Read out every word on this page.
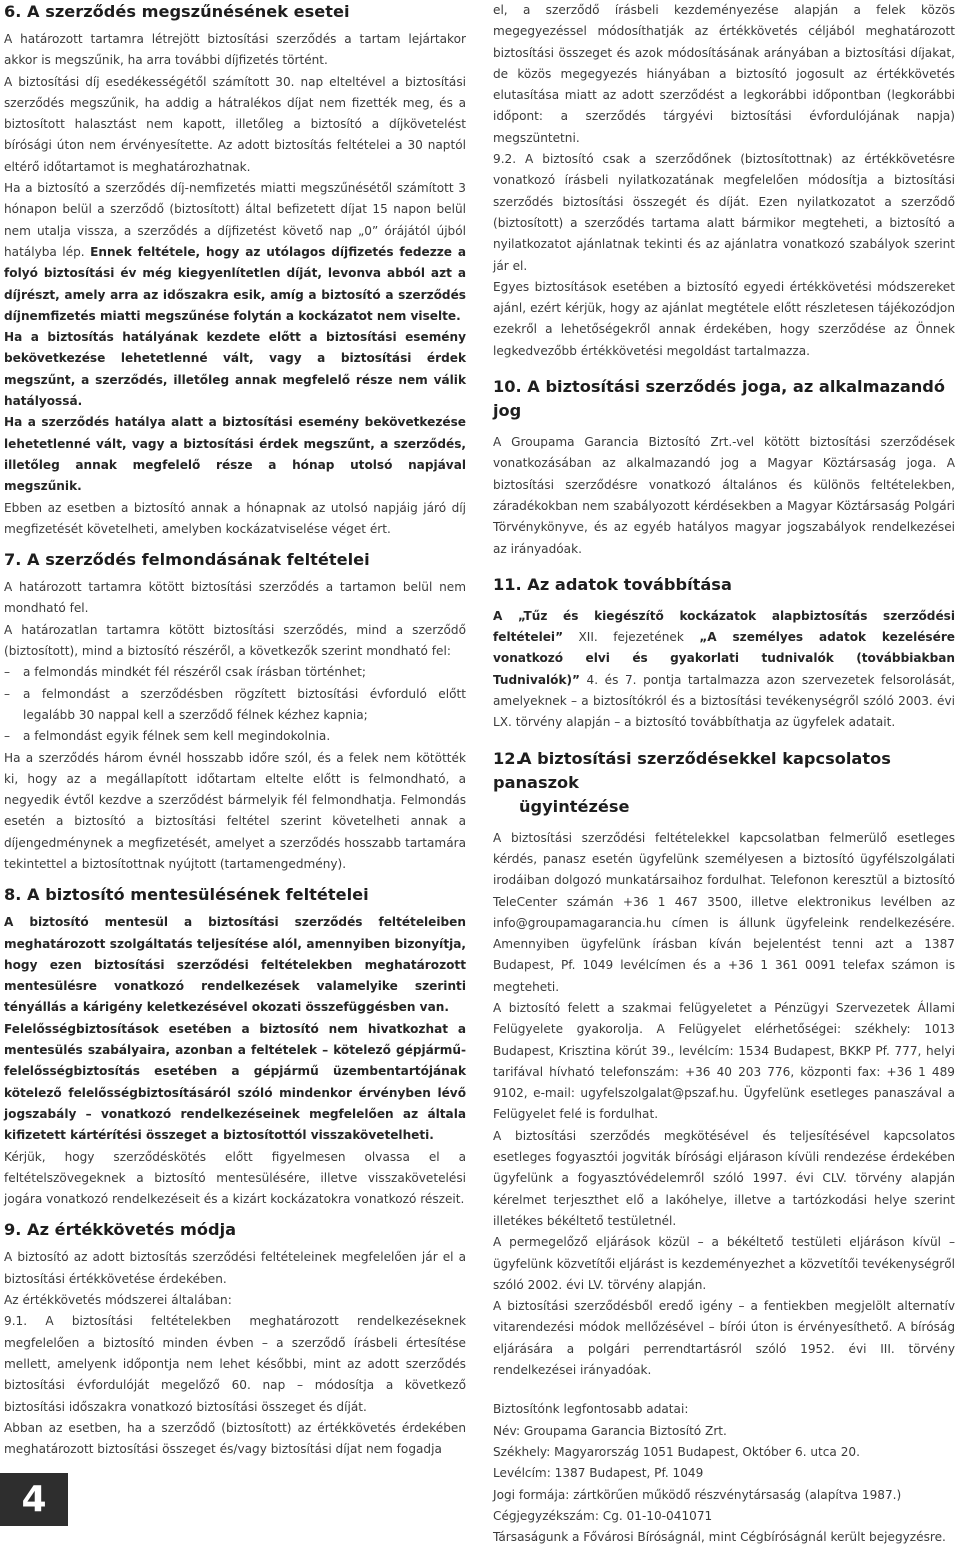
6. A szerződés megszűnésének esetei

A határozott tartamra létrejött biztosítási szerződés a tartam lejártakor akkor is megszűnik, ha arra további díjfizetés történt.

A biztosítási díj esedékességétől számított 30. nap elteltével a biztosítási szerződés megszűnik, ha addig a hátralékos díjat nem fizették meg, és a biztosított halasztást nem kapott, illetőleg a biztosító a díjkövetelést bírósági úton nem érvényesítette. Az adott biztosítás feltételei a 30 naptól eltérő időtartamot is meghatározhatnak.

Ha a biztosító a szerződés díj-nemfizetés miatti megszűnésétől számított 3 hónapon belül a szerződő (biztosított) által befizetett díjat 15 napon belül nem utalja vissza, a szerződés a díjfizetést követő nap „0” órájától újból hatályba lép. Ennek feltétele, hogy az utólagos díjfizetés fedezze a folyó biztosítási év még kiegyenlítetlen díját, levonva abból azt a díjrészt, amely arra az időszakra esik, amíg a biztosító a szerződés díjnemfizetés miatti megszűnése folytán a kockázatot nem viselte.

Ha a biztosítás hatályának kezdete előtt a biztosítási esemény bekövetkezése lehetetlenné vált, vagy a biztosítási érdek megszűnt, a szerződés, illetőleg annak megfelelő része nem válik hatályossá.

Ha a szerződés hatálya alatt a biztosítási esemény bekövetkezése lehetetlenné vált, vagy a biztosítási érdek megszűnt, a szerződés, illetőleg annak megfelelő része a hónap utolsó napjával megszűnik.

Ebben az esetben a biztosító annak a hónapnak az utolsó napjáig járó díj megfizetését követelheti, amelyben kockázatviselése véget ért.

7. A szerződés felmondásának feltételei

A határozott tartamra kötött biztosítási szerződés a tartamon belül nem mondható fel.

A határozatlan tartamra kötött biztosítási szerződés, mind a szerződő (biztosított), mind a biztosító részéről, a következők szerint mondható fel:

– a felmondás mindkét fél részéről csak írásban történhet;
– a felmondást a szerződésben rögzített biztosítási évforduló előtt legalább 30 nappal kell a szerződő félnek kézhez kapnia;
– a felmondást egyik félnek sem kell megindokolnia.

Ha a szerződés három évnél hosszabb időre szól, és a felek nem kötötték ki, hogy az a megállapított időtartam eltelte előtt is felmondható, a negyedik évtől kezdve a szerződést bármelyik fél felmondhatja. Felmondás esetén a biztosító a biztosítási feltétel szerint követelheti annak a díjengedménynek a megfizetését, amelyet a szerződés hosszabb tartamára tekintettel a biztosítottnak nyújtott (tartamengedmény).

8. A biztosító mentesülésének feltételei

A biztosító mentesül a biztosítási szerződés feltételeiben meghatározott szolgáltatás teljesítése alól, amennyiben bizonyítja, hogy ezen biztosítási szerződési feltételekben meghatározott mentesülésre vonatkozó rendelkezések valamelyike szerinti tényállás a kárigény keletkezésével okozati összefüggésben van.

Felelősségbiztosítások esetében a biztosító nem hivatkozhat a mentesülés szabályaira, azonban a feltételek – kötelező gépjármű-felelősségbiztosítás esetében a gépjármű üzembentartójának kötelező felelősségbiztosításáról szóló mindenkor érvényben lévő jogszabály – vonatkozó rendelkezéseinek megfelelően az általa kifizetett kártérítési összeget a biztosítottól visszakövetelheti.

Kérjük, hogy szerződéskötés előtt figyelmesen olvassa el a feltételszövegeknek a biztosító mentesülésére, illetve visszakövetelési jogára vonatkozó rendelkezéseit és a kizárt kockázatokra vonatkozó részeit.

9. Az értékkövetés módja

A biztosító az adott biztosítás szerződési feltételeinek megfelelően jár el a biztosítási értékkövetése érdekében.

Az értékkövetés módszerei általában:

9.1. A biztosítási feltételekben meghatározott rendelkezéseknek megfelelően a biztosító minden évben – a szerződő írásbeli értesítése mellett, amelyenk időpontja nem lehet későbbi, mint az adott szerződés biztosítási évfordulóját megelőző 60. nap – módosítja a következő biztosítási időszakra vonatkozó biztosítási összeget és díját.

Abban az esetben, ha a szerződő (biztosított) az értékkövetés érdekében meghatározott biztosítási összeget és/vagy biztosítási díjat nem fogadja

el, a szerződő írásbeli kezdeményezése alapján a felek közös megegyezéssel módosíthatják az értékkövetés céljából meghatározott biztosítási összeget és azok módosításának arányában a biztosítási díjakat, de közös megegyezés hiányában a biztosító jogosult az értékkövetés elutasítása miatt az adott szerződést a legkorábbi időpontban (legkorábbi időpont: a szerződés tárgyévi biztosítási évfordulójának napja) megszüntetni.

9.2. A biztosító csak a szerződőnek (biztosítottnak) az értékkövetésre vonatkozó írásbeli nyilatkozatának megfelelően módosítja a biztosítási szerződés biztosítási összegét és díját. Ezen nyilatkozatot a szerződő (biztosított) a szerződés tartama alatt bármikor megteheti, a biztosító a nyilatkozatot ajánlatnak tekinti és az ajánlatra vonatkozó szabályok szerint jár el.

Egyes biztosítások esetében a biztosító egyedi értékkövetési módszereket ajánl, ezért kérjük, hogy az ajánlat megtétele előtt részletesen tájékozódjon ezekről a lehetőségekről annak érdekében, hogy szerződése az Önnek legkedvezőbb értékkövetési megoldást tartalmazza.

10. A biztosítási szerződés joga, az alkalmazandó jog

A Groupama Garancia Biztosító Zrt.-vel kötött biztosítási szerződések vonatkozásában az alkalmazandó jog a Magyar Köztársaság joga. A biztosítási szerződésre vonatkozó általános és különös feltételekben, záradékokban nem szabályozott kérdésekben a Magyar Köztársaság Polgári Törvénykönyve, és az egyéb hatályos magyar jogszabályok rendelkezései az irányadóak.

11. Az adatok továbbítása

A „Tűz és kiegészítő kockázatok alapbiztosítás szerződési feltételei” XII. fejezetének „A személyes adatok kezelésére vonatkozó elvi és gyakorlati tudnivalók (továbbiakban Tudnivalók)” 4. és 7. pontja tartalmazza azon szervezetek felsorolását, amelyeknek – a biztosítókról és a biztosítási tevékenységről szóló 2003. évi LX. törvény alapján – a biztosító továbbíthatja az ügyfelek adatait.

12.A biztosítási szerződésekkel kapcsolatos panaszok
ügyintézése

A biztosítási szerződési feltételekkel kapcsolatban felmerülő esetleges kérdés, panasz esetén ügyfelünk személyesen a biztosító ügyfélszolgálati irodáiban dolgozó munkatársaihoz fordulhat. Telefonon keresztül a biztosító TeleCenter számán +36 1 467 3500, illetve elektronikus levélben az info@groupamagarancia.hu címen is állunk ügyfeleink rendelkezésére. Amennyiben ügyfelünk írásban kíván bejelentést tenni azt a 1387 Budapest, Pf. 1049 levélcímen és a +36 1 361 0091 telefax számon is megteheti.

A biztosító felett a szakmai felügyeletet a Pénzügyi Szervezetek Állami Felügyelete gyakorolja. A Felügyelet elérhetőségei: székhely: 1013 Budapest, Krisztina körút 39., levélcím: 1534 Budapest, BKKP Pf. 777, helyi tarifával hívható telefonszám: +36 40 203 776, központi fax: +36 1 489 9102, e-mail: ugyfelszolgalat@pszaf.hu. Ügyfelünk esetleges panaszával a Felügyelet felé is fordulhat.

A biztosítási szerződés megkötésével és teljesítésével kapcsolatos esetleges fogyasztói jogviták bírósági eljárason kívüli rendezése érdekében ügyfelünk a fogyasztóvédelemről szóló 1997. évi CLV. törvény alapján kérelmet terjeszthet elő a lakóhelye, illetve a tartózkodási helye szerint illetékes békéltető testületnél.

A permegelőző eljárások közül – a békéltető testületi eljáráson kívül – ügyfelünk közvetítői eljárást is kezdeményezhet a közvetítői tevékenységről szóló 2002. évi LV. törvény alapján.

A biztosítási szerződésből eredő igény – a fentiekben megjelölt alternatív vitarendezési módok mellőzésével – bírói úton is érvényesíthető. A bíróság eljárására a polgári perrendtartásról szóló 1952. évi III. törvény rendelkezései irányadóak.

Biztosítónk legfontosabb adatai:

Név: Groupama Garancia Biztosító Zrt.

Székhely: Magyarország 1051 Budapest, Október 6. utca 20.

Levélcím: 1387 Budapest, Pf. 1049

Jogi formája: zártkörűen működő részvénytársaság (alapítva 1987.)

Cégjegyzékszám: Cg. 01-10-041071

Társaságunk a Fővárosi Bíróságnál, mint Cégbíróságnál került bejegyzésre.

4
